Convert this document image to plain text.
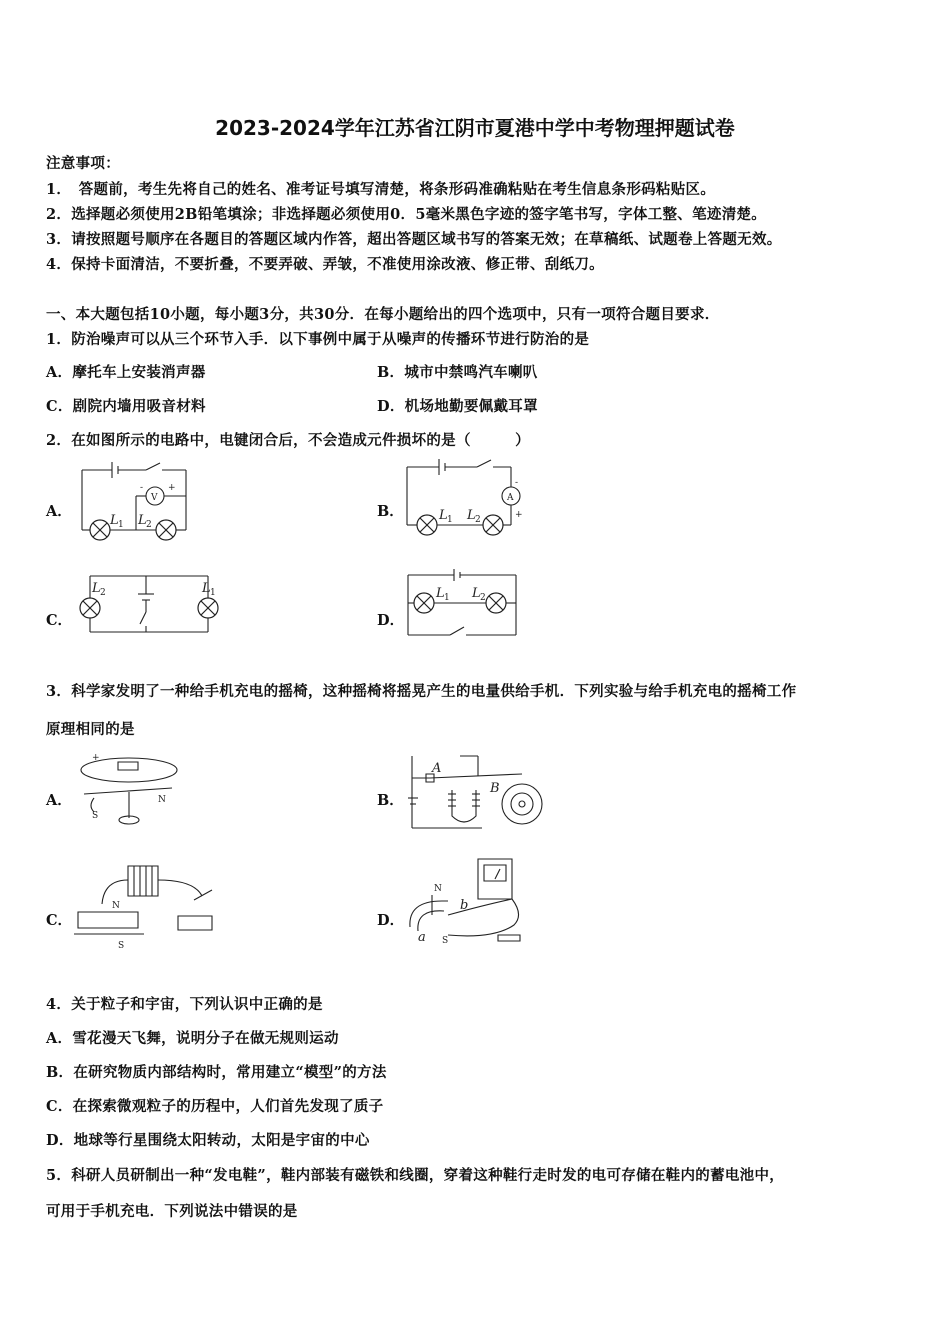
2023-2024学年江苏省江阴市夏港中学中考物理押题试卷
注意事项：
1．　答题前，考生先将自己的姓名、准考证号填写清楚，将条形码准确粘贴在考生信息条形码粘贴区。
2．选择题必须使用2B铅笔填涂；非选择题必须使用0．5毫米黑色字迹的签字笔书写，字体工整、笔迹清楚。
3．请按照题号顺序在各题目的答题区域内作答，超出答题区域书写的答案无效；在草稿纸、试题卷上答题无效。
4．保持卡面清洁，不要折叠，不要弄破、弄皱，不准使用涂改液、修正带、刮纸刀。
一、本大题包括10小题，每小题3分，共30分．在每小题给出的四个选项中，只有一项符合题目要求．
1．防治噪声可以从三个环节入手．以下事例中属于从噪声的传播环节进行防治的是
A．摩托车上安装消声器	B．城市中禁鸣汽车喇叭
C．剧院内墙用吸音材料	D．机场地勤要佩戴耳罩
2．在如图所示的电路中，电键闭合后，不会造成元件损坏的是（　　　）
A．
V
L 1 L 2
-	+
B．
A
L 1 L 2
-
+
C．
L 2	L 1
D．
L 1 L 2
3．科学家发明了一种给手机充电的摇椅，这种摇椅将摇晃产生的电量供给手机．下列实验与给手机充电的摇椅工作
原理相同的是
A．
+
N
S
B．
A
B
C．
N
S
D．
N
S
a
b
4．关于粒子和宇宙，下列认识中正确的是
A．雪花漫天飞舞，说明分子在做无规则运动
B．在研究物质内部结构时，常用建立“模型”的方法
C．在探索微观粒子的历程中，人们首先发现了质子
D．地球等行星围绕太阳转动，太阳是宇宙的中心
5．科研人员研制出一种“发电鞋”，鞋内部装有磁铁和线圈，穿着这种鞋行走时发的电可存储在鞋内的蓄电池中，
可用于手机充电．下列说法中错误的是
